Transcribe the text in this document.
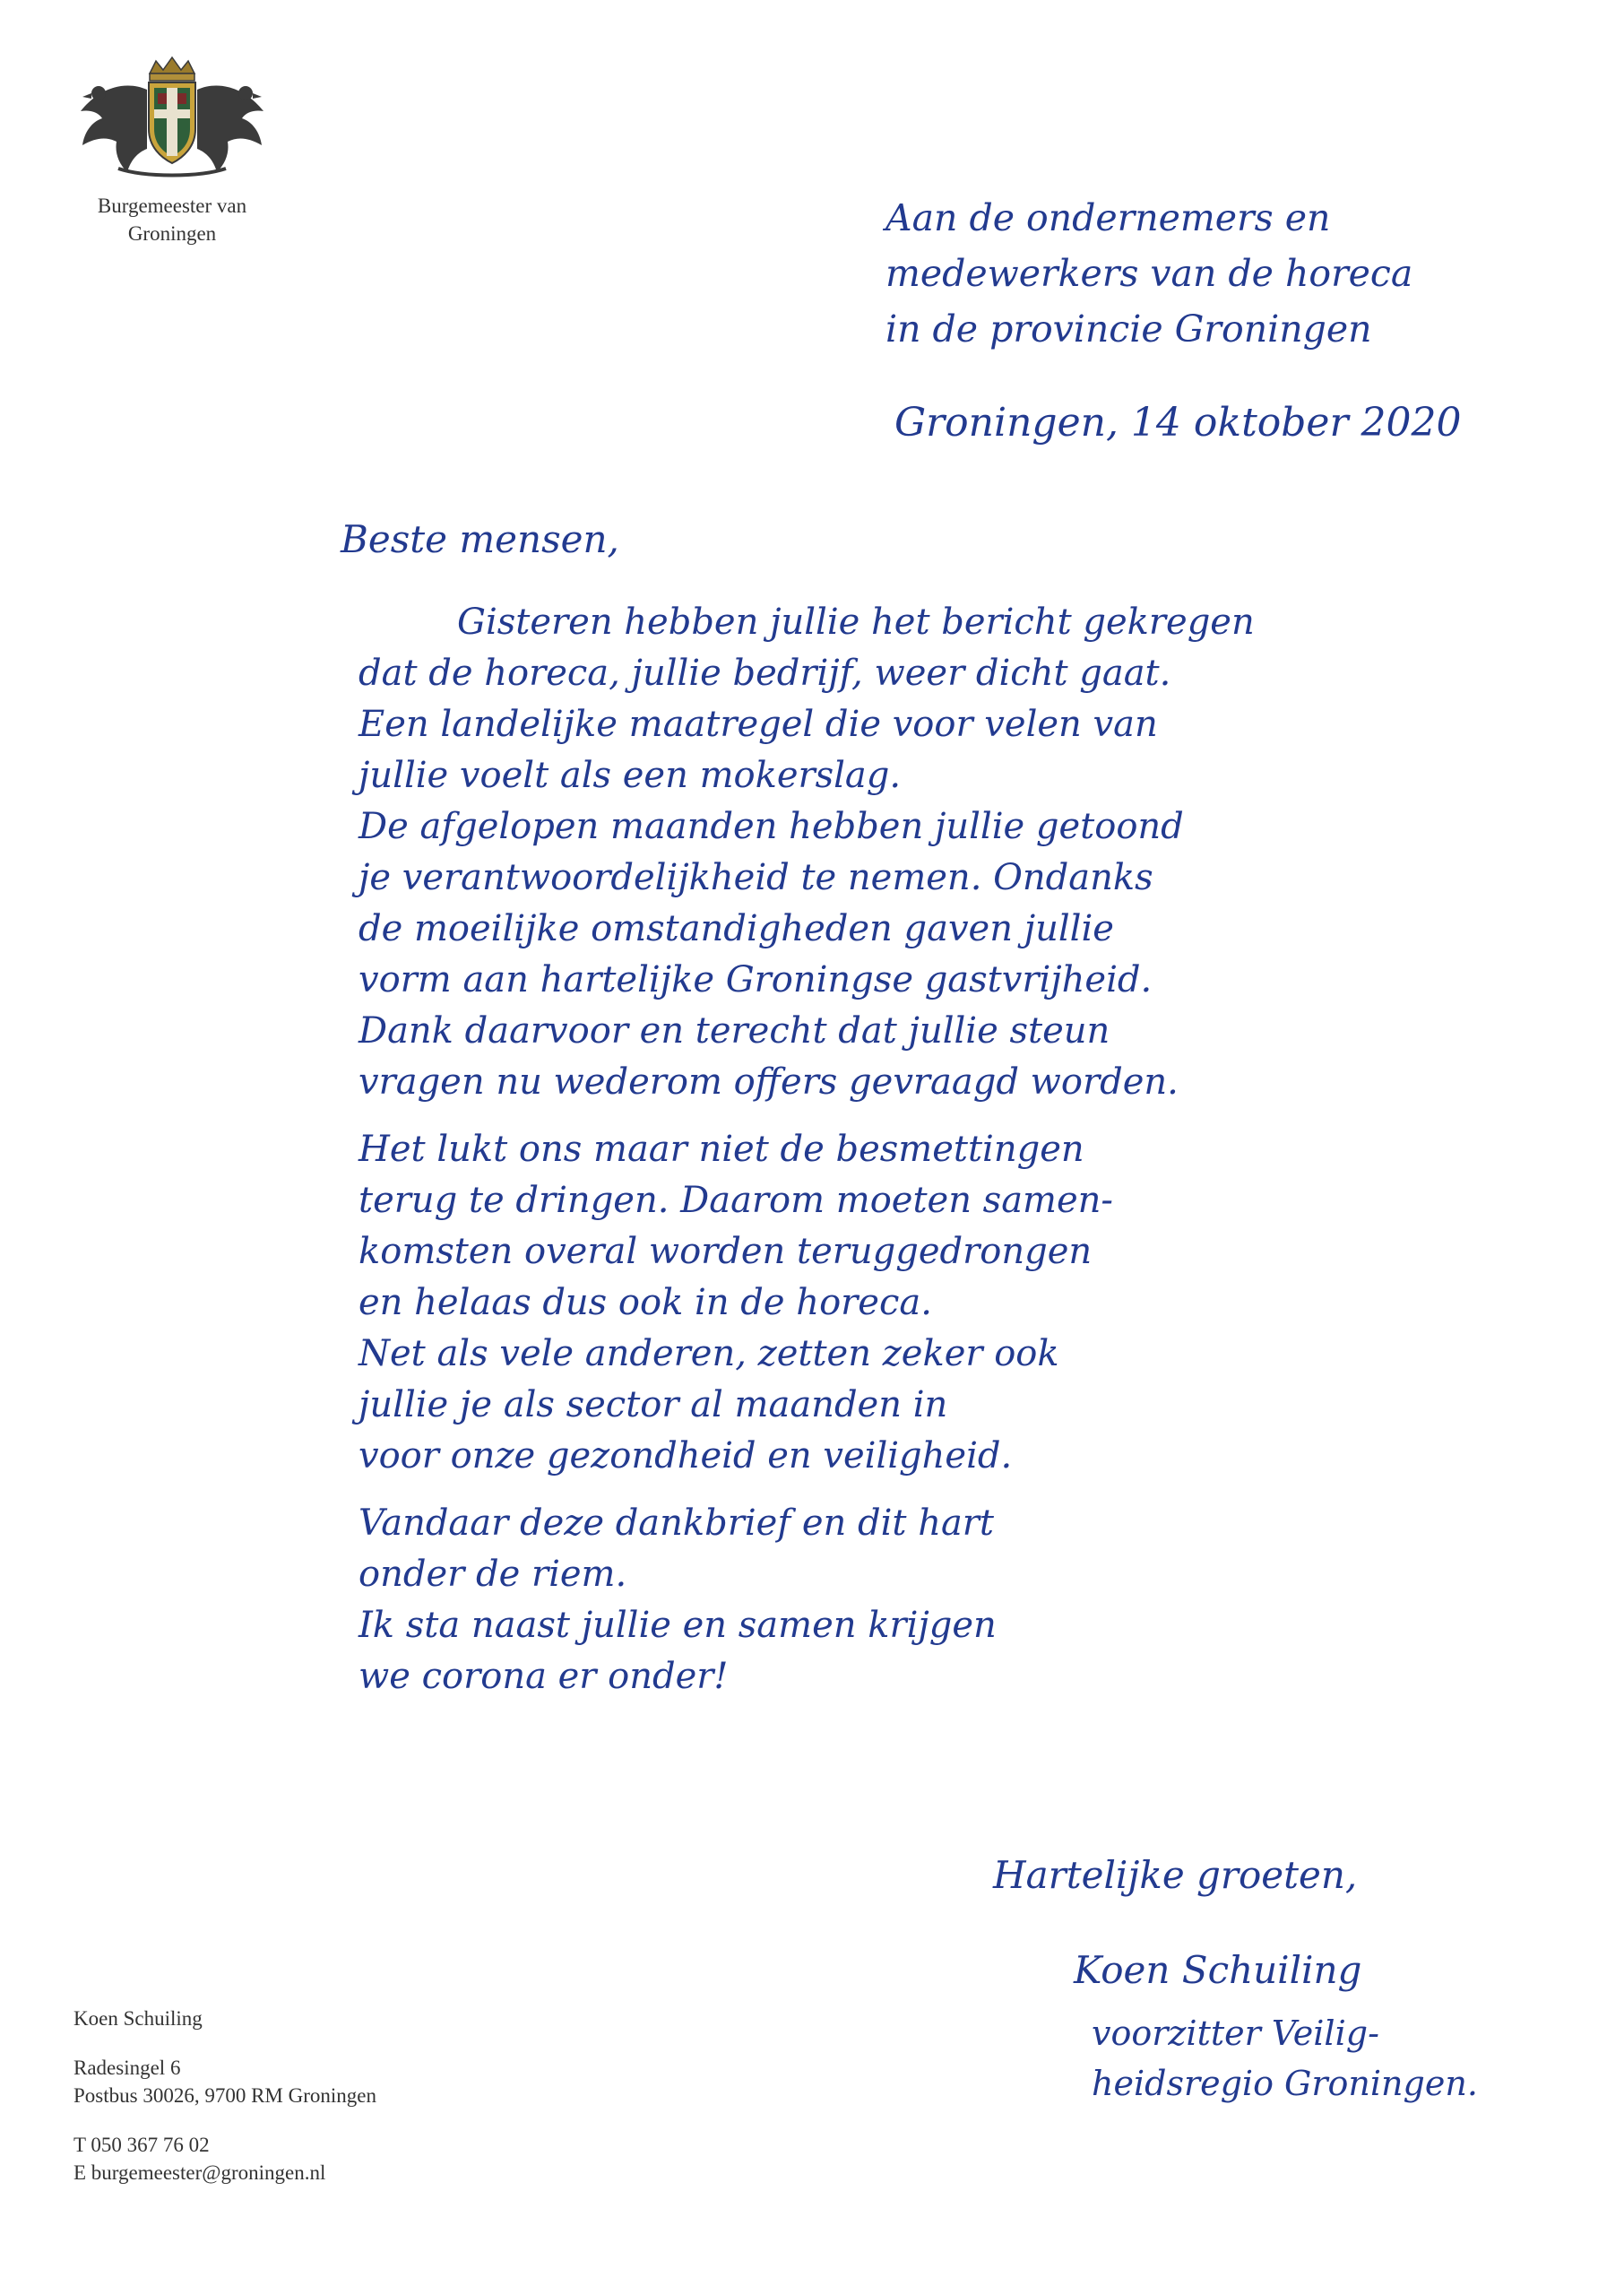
Burgemeester van
Groningen	Aan de ondernemers en
medewerkers van de horeca
in de provincie Groningen
Groningen, 14 oktober 2020
Beste mensen,
Gisteren hebben jullie het bericht gekregen
dat de horeca, jullie bedrijf, weer dicht gaat.
Een landelijke maatregel die voor velen van
jullie voelt als een mokerslag.
De afgelopen maanden hebben jullie getoond
je verantwoordelijkheid te nemen. Ondanks
de moeilijke omstandigheden gaven jullie
vorm aan hartelijke Groningse gastvrijheid.
Dank daarvoor en terecht dat jullie steun
vragen nu wederom offers gevraagd worden.
Het lukt ons maar niet de besmettingen
terug te dringen. Daarom moeten samen-
komsten overal worden teruggedrongen
en helaas dus ook in de horeca.
Net als vele anderen, zetten zeker ook
jullie je als sector al maanden in
voor onze gezondheid en veiligheid.
Vandaar deze dankbrief en dit hart
onder de riem.
Ik sta naast jullie en samen krijgen
we corona er onder!
Hartelijke groeten,
Koen Schuiling
voorzitter Veilig-
heidsregio Groningen.
Koen Schuiling
Radesingel 6
Postbus 30026, 9700 RM Groningen
T 050 367 76 02
E burgemeester@groningen.nl
